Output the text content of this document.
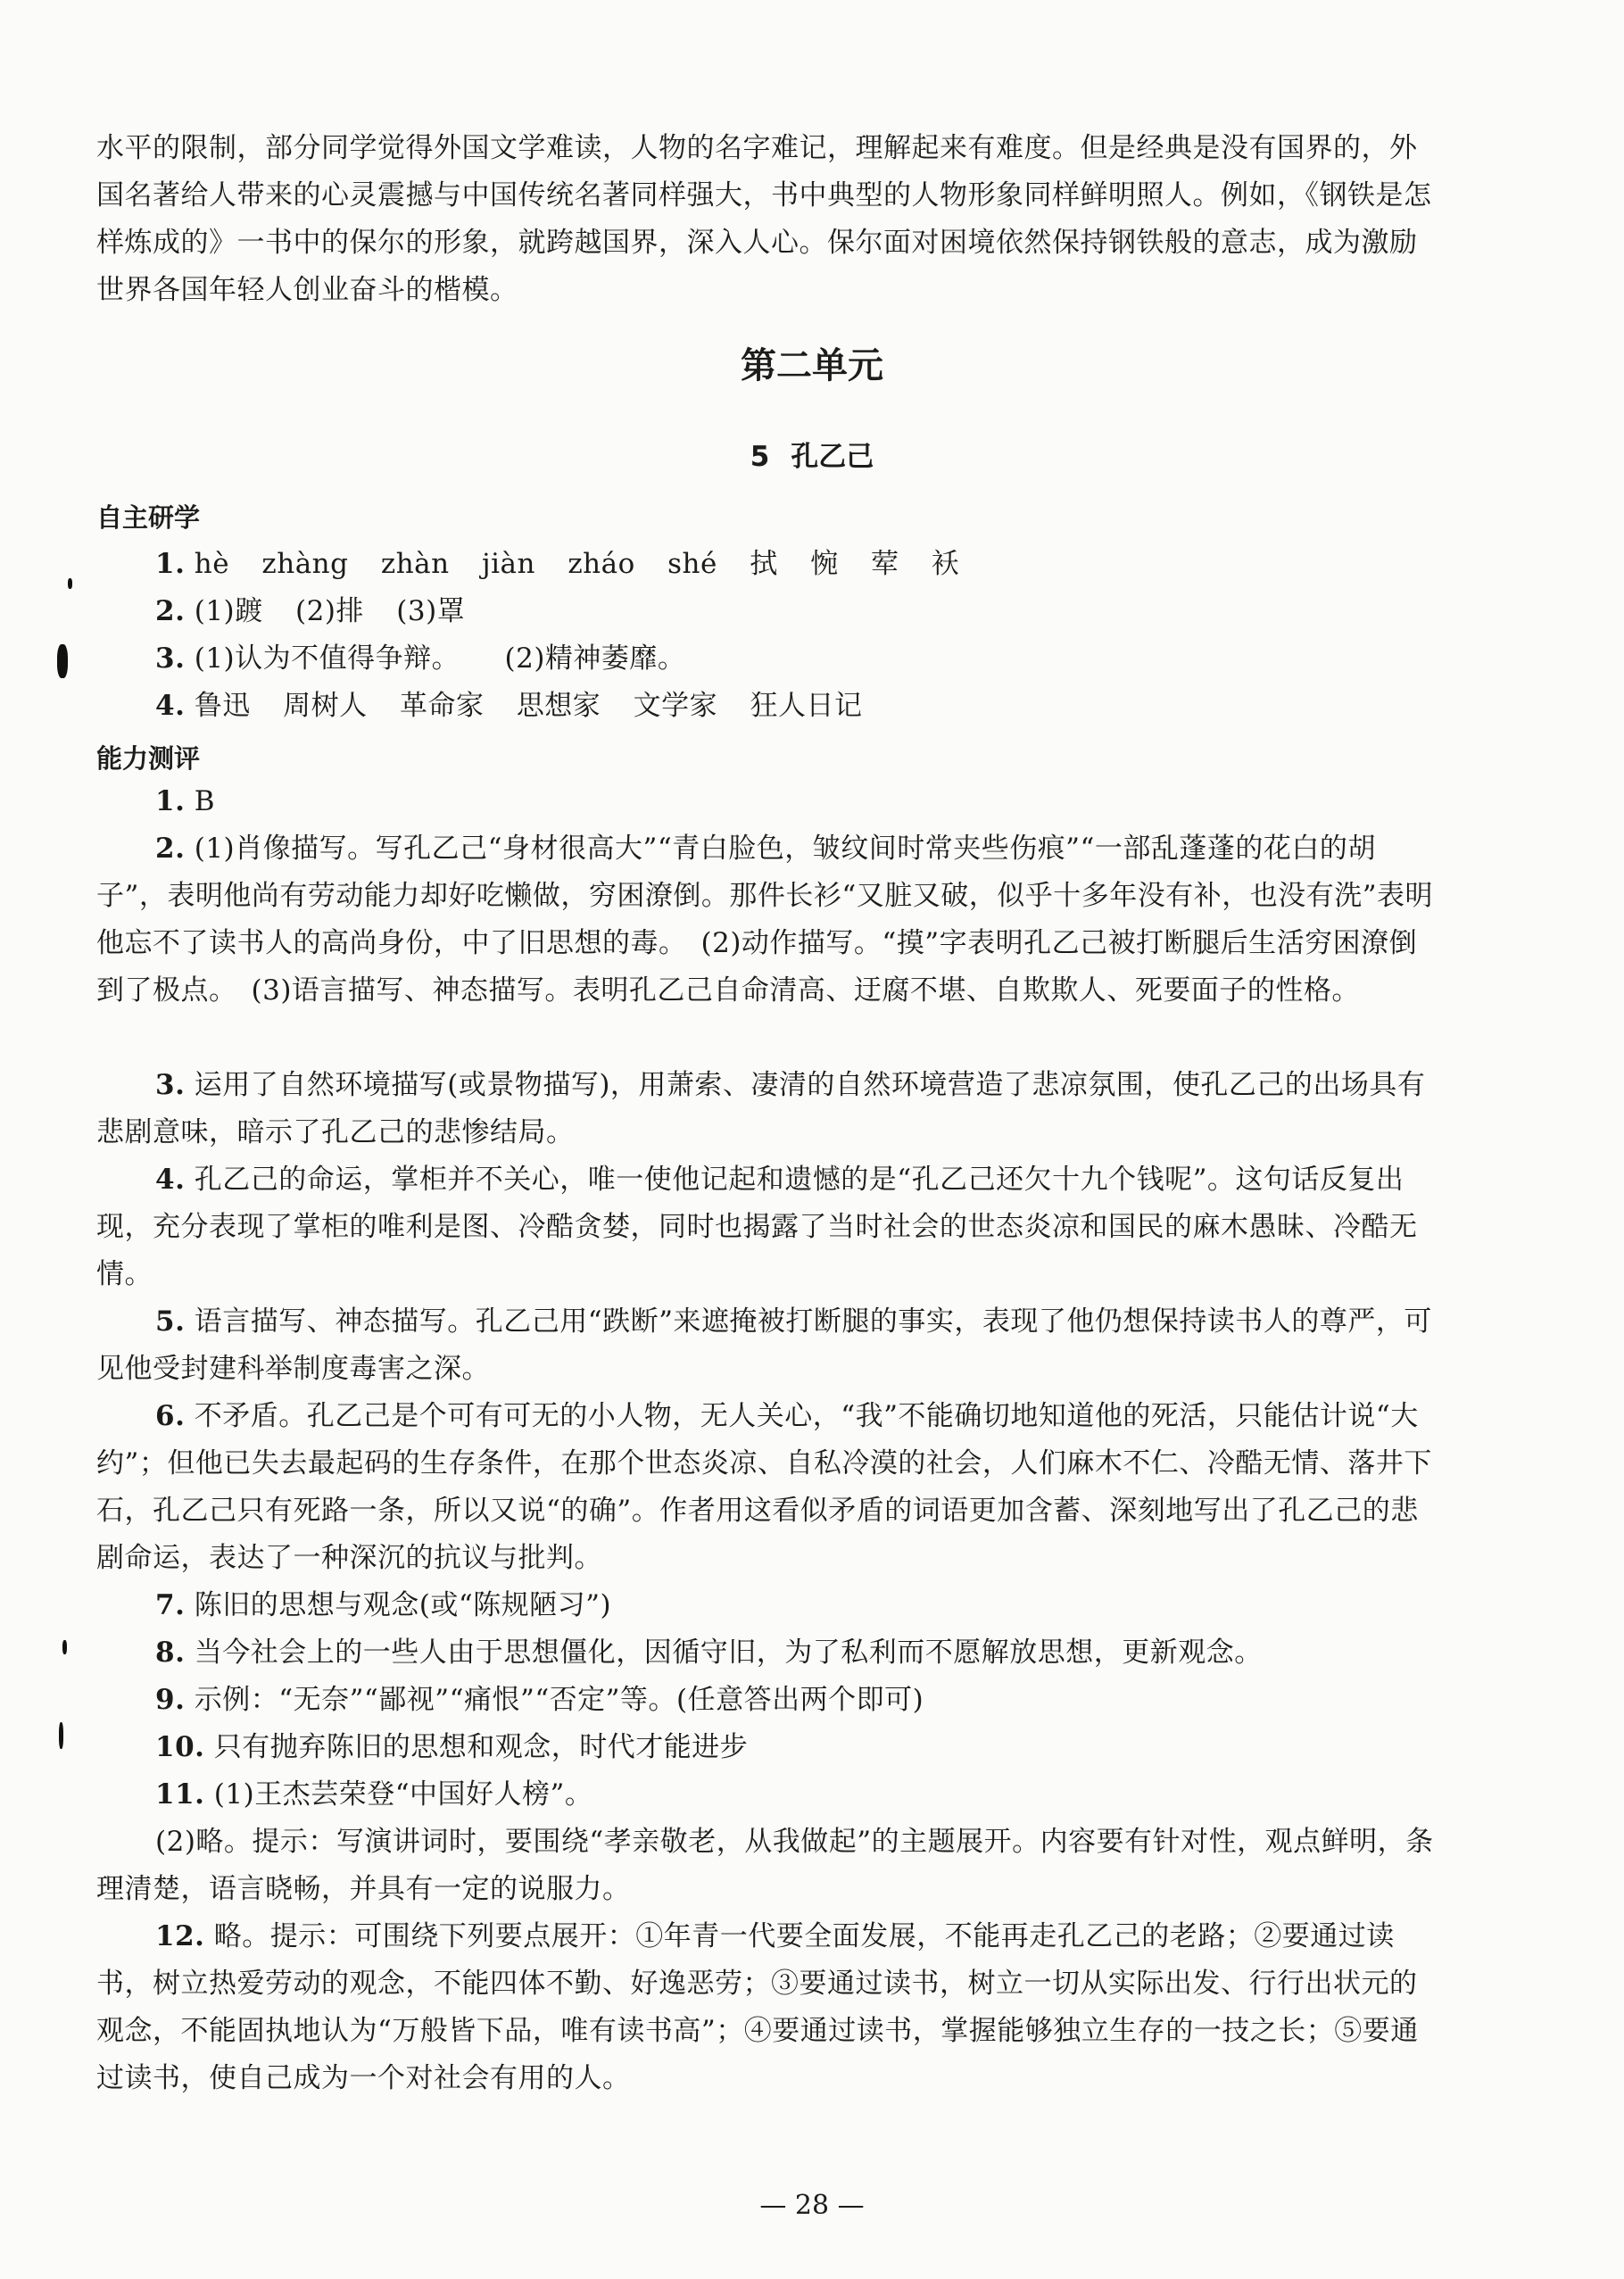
水平的限制，部分同学觉得外国文学难读，人物的名字难记，理解起来有难度。但是经典是没有国界的，外国名著给人带来的心灵震撼与中国传统名著同样强大，书中典型的人物形象同样鲜明照人。例如，《钢铁是怎样炼成的》一书中的保尔的形象，就跨越国界，深入人心。保尔面对困境依然保持钢铁般的意志，成为激励世界各国年轻人创业奋斗的楷模。

第二单元
5 孔乙己
自主研学
1. hè zhàng zhàn jiàn zháo shé 拭 惋 荤 袄
2. (1)踱 (2)排 (3)罩
3. (1)认为不值得争辩。 (2)精神萎靡。
4. 鲁迅 周树人 革命家 思想家 文学家 狂人日记
能力测评

1. B

2. (1)肖像描写。写孔乙己“身材很高大”“青白脸色，皱纹间时常夹些伤痕”“一部乱蓬蓬的花白的胡子”，表明他尚有劳动能力却好吃懒做，穷困潦倒。那件长衫“又脏又破，似乎十多年没有补，也没有洗”表明他忘不了读书人的高尚身份，中了旧思想的毒。　(2)动作描写。“摸”字表明孔乙己被打断腿后生活穷困潦倒到了极点。　(3)语言描写、神态描写。表明孔乙己自命清高、迂腐不堪、自欺欺人、死要面子的性格。

3. 运用了自然环境描写(或景物描写)，用萧索、凄清的自然环境营造了悲凉氛围，使孔乙己的出场具有悲剧意味，暗示了孔乙己的悲惨结局。

4. 孔乙己的命运，掌柜并不关心，唯一使他记起和遗憾的是“孔乙己还欠十九个钱呢”。这句话反复出现，充分表现了掌柜的唯利是图、冷酷贪婪，同时也揭露了当时社会的世态炎凉和国民的麻木愚昧、冷酷无情。

5. 语言描写、神态描写。孔乙己用“跌断”来遮掩被打断腿的事实，表现了他仍想保持读书人的尊严，可见他受封建科举制度毒害之深。

6. 不矛盾。孔乙己是个可有可无的小人物，无人关心，“我”不能确切地知道他的死活，只能估计说“大约”；但他已失去最起码的生存条件，在那个世态炎凉、自私冷漠的社会，人们麻木不仁、冷酷无情、落井下石，孔乙己只有死路一条，所以又说“的确”。作者用这看似矛盾的词语更加含蓄、深刻地写出了孔乙己的悲剧命运，表达了一种深沉的抗议与批判。

7. 陈旧的思想与观念(或“陈规陋习”)

8. 当今社会上的一些人由于思想僵化，因循守旧，为了私利而不愿解放思想，更新观念。

9. 示例：“无奈”“鄙视”“痛恨”“否定”等。(任意答出两个即可)

10. 只有抛弃陈旧的思想和观念，时代才能进步

11. (1)王杰芸荣登“中国好人榜”。

(2)略。提示：写演讲词时，要围绕“孝亲敬老，从我做起”的主题展开。内容要有针对性，观点鲜明，条理清楚，语言晓畅，并具有一定的说服力。

12. 略。提示：可围绕下列要点展开：①年青一代要全面发展，不能再走孔乙己的老路；②要通过读书，树立热爱劳动的观念，不能四体不勤、好逸恶劳；③要通过读书，树立一切从实际出发、行行出状元的观念，不能固执地认为“万般皆下品，唯有读书高”；④要通过读书，掌握能够独立生存的一技之长；⑤要通过读书，使自己成为一个对社会有用的人。

— 28 —
